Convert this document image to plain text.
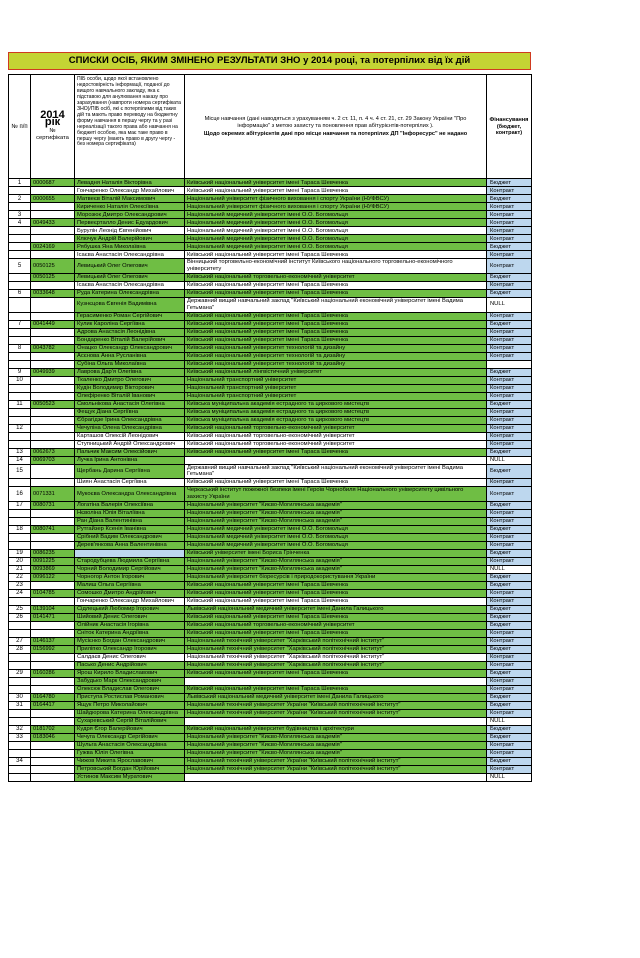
СПИСКИ ОСІБ, ЯКИМ ЗМІНЕНО РЕЗУЛЬТАТИ ЗНО у 2014 році, та потерпілих від їх дій
№ п/п	
2014 рік
№ сертифіката
	ПІБ особи, щодо якої встановлено недостовірність інформації, поданої до вищого навчального закладу, яка є підставою для анулювання наказу про зарахування (навпроти номера сертифіката ЗНО)/ПІБ осіб, які є потерпілими від таких дій та мають право переводу на бюджетну форму навчання в першу чергу та у разі нереалізації такого права або навчання на бюджеті особою, яка має таке право в першу чергу (мають право в другу чергу - без номера сертифіката)	Місце навчання (дані наводяться з урахуванням ч. 2 ст. 11, п. 4 ч. 4 ст. 21, ст. 29 Закону України "Про інформацію" з метою захисту та поновлення прав абітурієнтів-потерпілих ).
Щодо окремих абітурієнтів дані про місце навчання та потерпілих ДП "Інфоресурс" не надано
	Фінансування (бюджет, контракт)
1	0000687	Левадня Наталія Вікторівна	Київський національний університет імені Тараса Шевченка	Бюджет
		Гончаренко Олександр Михайлович	Київський національний університет імені Тараса Шевченка	Контракт
2	0000655	Матвеєв Віталій Максимович	Національний університет фізичного виховання і спорту України (НУФВСУ)	Бюджет
		Кириченко Наталія Олексіївна	Національний університет фізичного виховання і спорту України (НУФВСУ)	Контракт
3		Морозюк Дмитро Олександрович	Національний медичний університет імені О.О. Богомольця	Контракт
4	0049433	Первеєрталло Денис Едуардович	Національний медичний університет імені О.О. Богомольця	Контракт
		Бурулін Леонід Євгенійович	Національний медичний університет імені О.О. Богомольця	Контракт
		Ключук Андрій Валерійович	Національний медичний університет імені О.О. Богомольця	Контракт
	0024169	Рябушка Яна Миколаївна	Національний медичний університет імені О.О. Богомольця	Бюджет
		Ісаєва Анастасія Олександрівна	Київський національний університет імені Тараса Шевченка	Контракт
5	0050125	Левицький Олег Олегович	Вінницький торговельно-економічний інститут Київського національного торговельно-економічного університету	Контракт
	0050125	Левицький Олег Олегович	Київський національний торговельно-економічний університет	Бюджет
		Ісаєва Анастасія Олександрівна	Київський національний університет імені Тараса Шевченка	Контракт
6	0033648	Руда Катерина Олександрівна	Київський національний університет імені Тараса Шевченка	Бюджет
		Кузнєцова Євгенія Вадимівна	Державний вищий навчальний заклад "Київський національний економічний університет імені Вадима Гетьмана"	NULL
		Герасименко Роман Сергійович	Київський національний університет імені Тараса Шевченка	Контракт
7	0041449	Кулик Кароліна Сергіївна	Київський національний університет імені Тараса Шевченка	Бюджет
		Адрова Анастасія Леонідівна	Київський національний університет імені Тараса Шевченка	Контракт
		Бондаренко Віталій Валерійович	Київський національний університет імені Тараса Шевченка	Контракт
8	0043782	Онацко Олександр Олександрович	Київський національний університет технологій та дизайну	Контракт
		Асєнова Анна Русланівна	Київський національний університет технологій та дизайну	Контракт
		Субіна Ольга Миколаївна	Київський національний університет технологій та дизайну	
9	0049939	Лаврова Дар'я Олегівна	Київський національний лінгвістичний університет	Бюджет
10		Ткаленко Дмитро Олегович	Національний транспортний університет	Контракт
		Кудін Володимир Вікторович	Національний транспортний університет	Контракт
		Олефіренко Віталій Іванович	Національний транспортний університет	Контракт
11	0050523	Смольнікова Анастасія Олегівна	Київська муніципальна академія естрадного та циркового мистецтв	Бюджет
		Фещук Діана Сергіївна	Київська муніципальна академія естрадного та циркового мистецтв	Контракт
		Єбрагідзе Ірина Олександрівна	Київська муніципальна академія естрадного та циркового мистецтв	Контракт
12		Чечуліна Олена Олександрівна	Київський національний торговельно-економічний університет	Контракт
		Карташов Олексій Леонідович	Київський національний торговельно-економічний університет	Контракт
		Ступницький Андрій Олександрович	Київський національний торговельно-економічний університет	Контракт
13	0062673	Пальчик Максим Олексійович	Київський національний університет імені Тараса Шевченка	Бюджет
14	0069703	Лучка Ірина Антонівна		NULL
15		Щербань Дарина Сергіївна	Державний вищий навчальний заклад "Київський національний економічний університет імені Вадима Гетьмана"	Бюджет
		Шиян Анастасія Сергіївна	Київський національний університет імені Тараса Шевченка	Контракт
16	0071331	Мукоєва Олександра Олександрівна	Черкаський інститут пожежної безпеки імені Героїв Чорнобиля Національного університету цивільного захисту України	Контракт
17	0080731	Логатіна Валерія Олексіївна	Національний університет "Києво-Могилянська академія"	Бюджет
		Нєволіна Юлія Віталіївна	Національний університет "Києво-Могилянська академія"	Контракт
		Ран Діана Валентинівна	Національний університет "Києво-Могилянська академія"	Контракт
18	0080741	Рутгайзер Ксенія Іванівна	Національний медичний університет імені О.О. Богомольця	Бюджет
		Срібний Вадим Олександрович	Національний медичний університет імені О.О. Богомольця	Контракт
		Дерев'янкова Анна Валентинівна	Національний медичний університет імені О.О. Богомольця	Контракт
19	0086235		Київський університет імені Бориса Грінченка	Бюджет
20	0091225	Стародубцева Людмила Сергіївна	Національний університет "Києво-Могилянська академія"	Контракт
21	0093869	Чорний Володимир Сергійович	Національний університет "Києво-Могилянська академія"	NULL
22	0096122	Чорногор Антон Ігорович	Національний університет біоресурсів і природокористування України	Бюджет
23		Малиш Ольга Сергіївна	Київський національний університет імені Тараса Шевченка	Бюджет
24	0104785	Сомошко Дмитро Андрійович	Київський національний університет імені Тараса Шевченка	Контракт
		Гончаренко Олександр Михайлович	Київський національний університет імені Тараса Шевченка	Контракт
25	0139104	Сідлецький Любомир Ігорович	Львівський національний медичний університет імені Данила Галицького	Бюджет
26	0141471	Шийовий Денис Олегович	Київський національний університет імені Тараса Шевченка	Бюджет
		Олійник Анастасія Ігорівна	Київський національний торговельно-економічний університет	Бюджет
		Сніток Катерина Андріївна	Київський національний університет імені Тараса Шевченка	Контракт
27	0146137	Мусієнко Богдан Олександрович	Національний технічний університет "Харківський політехнічний інститут"	Контракт
28	0156992	Приліпко Олександр Ігорович	Національний технічний університет "Харківський політехнічний інститут"	Бюджет
		Салдаєв Денис Олегович	Національний технічний університет "Харківський політехнічний інститут"	Контракт
		Пасько Денис Андрійович	Національний технічний університет "Харківський політехнічний інститут"	Контракт
29	0160286	Ярош Кирило Владиславович	Київський національний університет імені Тараса Шевченка	Бюджет
		Забудько Марк Олександрович		Контракт
		Олексюк Владислав Олегович	Київський національний університет імені Тараса Шевченка	Контракт
30	0164780	Приступа Ростислав Романович	Львівський національний медичний університет імені Данила Галицького	Бюджет
31	0164417	Ящук Петро Миколайович	Національний технічний університет України "Київський політехнічний інститут"	Бюджет
		Шайдюрова Катерина Олександрівна	Національний технічний університет України "Київський політехнічний інститут"	Контракт
		Сухаревський Сергій Віталійович		NULL
32	0181702	Кудря Єгор Валерійович	Київський національний університет будівництва і архітектури	Бюджет
33	0183046	Чечуга Олександр Сергійович	Національний університет "Києво-Могилянська академія"	Бюджет
		Шульга Анастасія Олександрівна	Національний університет "Києво-Могилянська академія"	Контракт
		Гужва Юлія Олегівна	Національний університет "Києво-Могилянська академія"	Контракт
34		Чижов Микита Ярославович	Національний технічний університет України "Київський політехнічний інститут"	Бюджет
		Петровський Богдан Юрійович	Національний технічний університет України "Київський політехнічний інститут"	Контракт
		Устинов Максим Муратович		NULL
